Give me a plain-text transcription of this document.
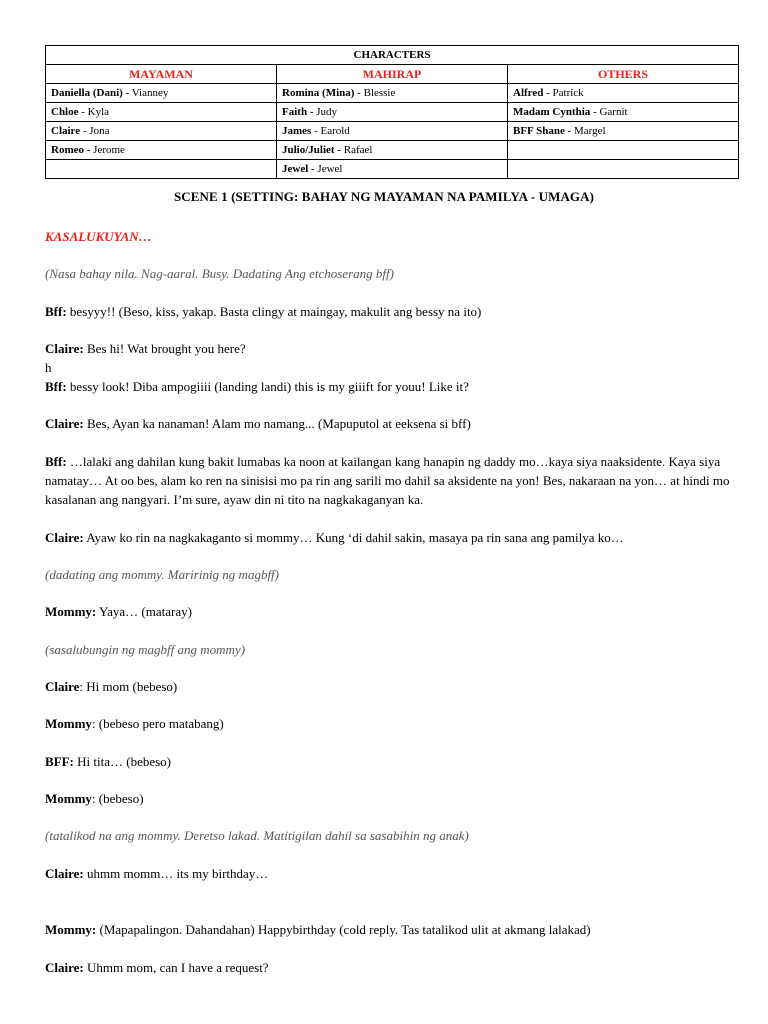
CHARACTERS		
MAYAMAN	MAHIRAP	OTHERS
Daniella (Dani) - Vianney	Romina (Mina) - Blessie	Alfred - Patrick
Chloe - Kyla	Faith - Judy	Madam Cynthia - Garnit
Claire - Jona	James - Earold	BFF Shane - Margel
Romeo - Jerome	Julio/Juliet - Rafael	
	Jewel - Jewel	
SCENE 1 (SETTING: BAHAY NG MAYAMAN NA PAMILYA - UMAGA)
KASALUKUYAN…
(Nasa bahay nila. Nag-aaral. Busy. Dadating Ang etchoserang bff)
Bff: besyyy!! (Beso, kiss, yakap. Basta clingy at maingay, makulit ang bessy na ito)
Claire: Bes hi! Wat brought you here?
h
Bff: bessy look! Diba ampogiiii (landing landi) this is my giiift for youu! Like it?
Claire: Bes, Ayan ka nanaman! Alam mo namang... (Mapuputol at eeksena si bff)
Bff: …lalaki ang dahilan kung bakit lumabas ka noon at kailangan kang hanapin ng daddy mo…kaya siya naaksidente. Kaya siya namatay… At oo bes, alam ko ren na sinisisi mo pa rin ang sarili mo dahil sa aksidente na yon! Bes, nakaraan na yon… at hindi mo kasalanan ang nangyari. I’m sure, ayaw din ni tito na nagkakaganyan ka.
Claire: Ayaw ko rin na nagkakaganto si mommy… Kung ‘di dahil sakin, masaya pa rin sana ang pamilya ko…
(dadating ang mommy. Maririnig ng magbff)
Mommy: Yaya… (mataray)
(sasalubungin ng magbff ang mommy)
Claire: Hi mom (bebeso)
Mommy: (bebeso pero matabang)
BFF: Hi tita… (bebeso)
Mommy: (bebeso)
(tatalikod na ang mommy. Deretso lakad. Matitigilan dahil sa sasabihin ng anak)
Claire: uhmm momm… its my birthday…
Mommy: (Mapapalingon. Dahandahan) Happybirthday (cold reply. Tas tatalikod ulit at akmang lalakad)
Claire: Uhmm mom, can I have a request?
